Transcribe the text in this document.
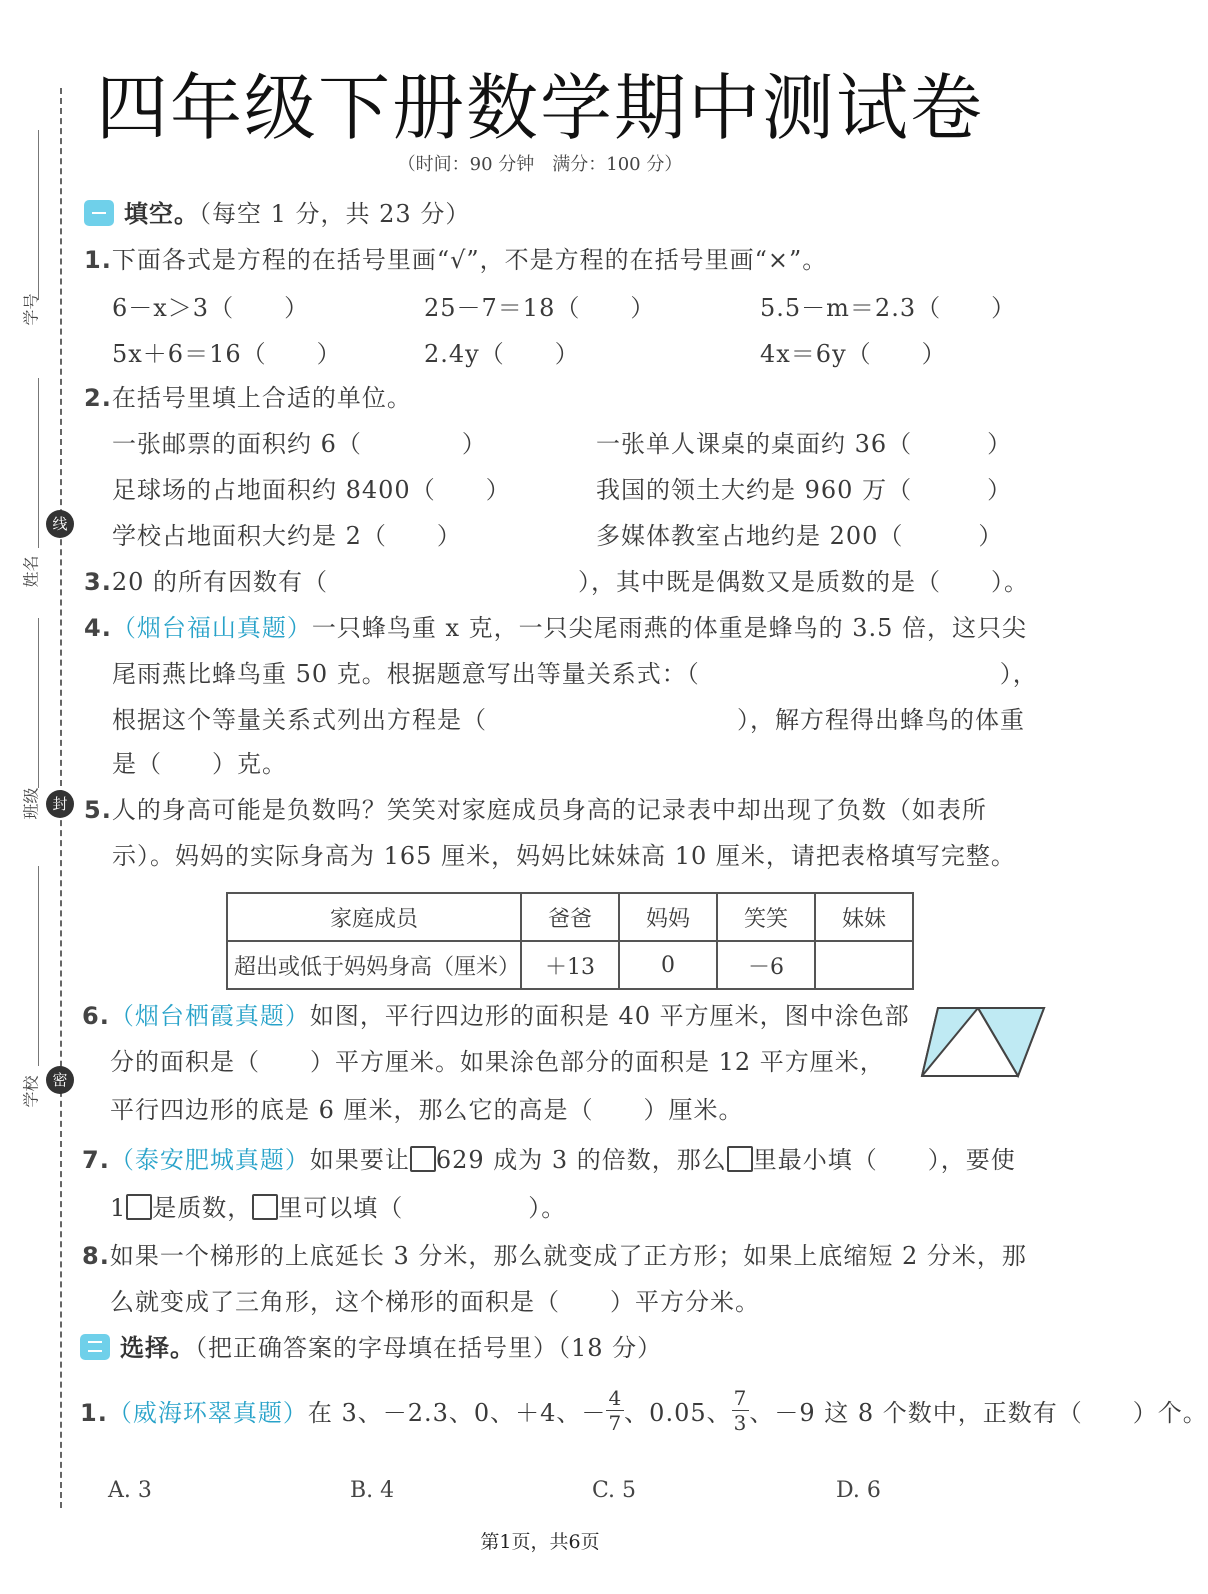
学号
姓名
班级
学校
线
封
密
四年级下册数学期中测试卷
（时间：90 分钟　满分：100 分）
填空。（每空 1 分，共 23 分）
1.下面各式是方程的在括号里画“√”，不是方程的在括号里画“×”。
6－x＞3（　　）	25－7＝18（　　）	5.5－m＝2.3（　　）
5x＋6＝16（　　）	2.4y（　　）	4x＝6y（　　）
2.在括号里填上合适的单位。
一张邮票的面积约 6（　　　　）	一张单人课桌的桌面约 36（　　　）
足球场的占地面积约 8400（　　）	我国的领土大约是 960 万（　　　）
学校占地面积大约是 2（　　）	多媒体教室占地约是 200（　　　）
3.20 的所有因数有（　　　　　　　　　　），其中既是偶数又是质数的是（　　）。
4.（烟台福山真题）一只蜂鸟重 x 克，一只尖尾雨燕的体重是蜂鸟的 3.5 倍，这只尖
尾雨燕比蜂鸟重 50 克。根据题意写出等量关系式：（　　　　　　　　　　　　），
根据这个等量关系式列出方程是（　　　　　　　　　　），解方程得出蜂鸟的体重
是（　　）克。
5.人的身高可能是负数吗？笑笑对家庭成员身高的记录表中却出现了负数（如表所
示）。妈妈的实际身高为 165 厘米，妈妈比妹妹高 10 厘米，请把表格填写完整。
家庭成员	爸爸	妈妈	笑笑	妹妹
超出或低于妈妈身高（厘米）	＋13	0	－6	
6.（烟台栖霞真题）如图，平行四边形的面积是 40 平方厘米，图中涂色部
分的面积是（　　）平方厘米。如果涂色部分的面积是 12 平方厘米，
平行四边形的底是 6 厘米，那么它的高是（　　）厘米。
7.（泰安肥城真题）如果要让 629 成为 3 的倍数，那么 里最小填（　　），要使
1 是质数， 里可以填（　　　　　）。
8.如果一个梯形的上底延长 3 分米，那么就变成了正方形；如果上底缩短 2 分米，那
么就变成了三角形，这个梯形的面积是（　　）平方分米。
选择。（把正确答案的字母填在括号里）（18 分）
1.（威海环翠真题）在 3、－2.3、0、＋4、－ $\frac{4}{7}$ 、0.05、 $\frac{7}{3}$ 、－9 这 8 个数中，正数有（　　）个。
A. 3	B. 4	C. 5	D. 6
第1页，共6页
